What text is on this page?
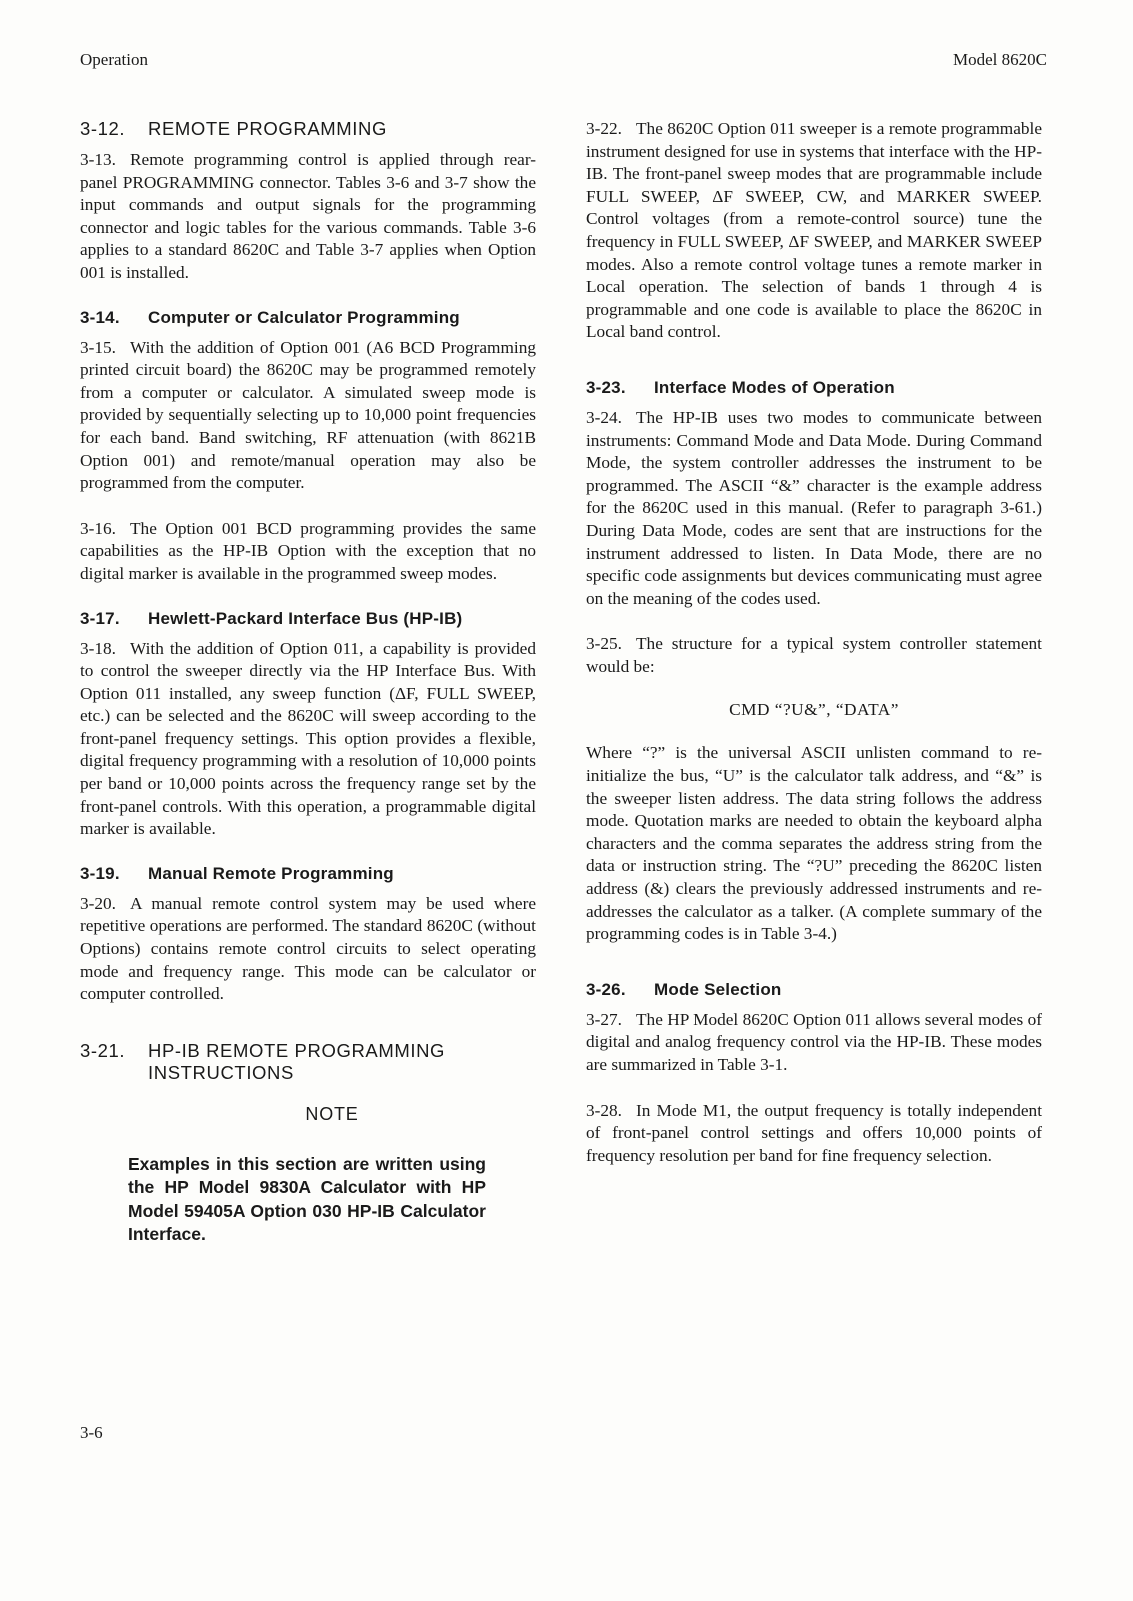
Operation	Model 8620C
3-12. REMOTE PROGRAMMING

3-13. Remote programming control is applied through rear-panel PROGRAMMING connector. Tables 3-6 and 3-7 show the input commands and output signals for the programming connector and logic tables for the various commands. Table 3-6 applies to a standard 8620C and Table 3-7 applies when Option 001 is installed.

3-14. Computer or Calculator Programming

3-15. With the addition of Option 001 (A6 BCD Programming printed circuit board) the 8620C may be programmed remotely from a computer or calculator. A simulated sweep mode is provided by sequentially selecting up to 10,000 point frequencies for each band. Band switching, RF attenuation (with 8621B Option 001) and remote/manual operation may also be programmed from the computer.

3-16. The Option 001 BCD programming provides the same capabilities as the HP-IB Option with the exception that no digital marker is available in the programmed sweep modes.

3-17. Hewlett-Packard Interface Bus (HP-IB)

3-18. With the addition of Option 011, a capability is provided to control the sweeper directly via the HP Interface Bus. With Option 011 installed, any sweep function (ΔF, FULL SWEEP, etc.) can be selected and the 8620C will sweep according to the front-panel frequency settings. This option provides a flexible, digital frequency programming with a resolution of 10,000 points per band or 10,000 points across the frequency range set by the front-panel controls. With this operation, a programmable digital marker is available.

3-19. Manual Remote Programming

3-20. A manual remote control system may be used where repetitive operations are performed. The standard 8620C (without Options) contains remote control circuits to select operating mode and frequency range. This mode can be calculator or computer controlled.

3-21. HP-IB REMOTE PROGRAMMING INSTRUCTIONS
NOTE
Examples in this section are written using the HP Model 9830A Calculator with HP Model 59405A Option 030 HP-IB Calculator Interface.

3-22. The 8620C Option 011 sweeper is a remote programmable instrument designed for use in systems that interface with the HP-IB. The front-panel sweep modes that are programmable include FULL SWEEP, ΔF SWEEP, CW, and MARKER SWEEP. Control voltages (from a remote-control source) tune the frequency in FULL SWEEP, ΔF SWEEP, and MARKER SWEEP modes. Also a remote control voltage tunes a remote marker in Local operation. The selection of bands 1 through 4 is programmable and one code is available to place the 8620C in Local band control.

3-23. Interface Modes of Operation

3-24. The HP-IB uses two modes to communicate between instruments: Command Mode and Data Mode. During Command Mode, the system controller addresses the instrument to be programmed. The ASCII “&” character is the example address for the 8620C used in this manual. (Refer to paragraph 3-61.) During Data Mode, codes are sent that are instructions for the instrument addressed to listen. In Data Mode, there are no specific code assignments but devices communicating must agree on the meaning of the codes used.

3-25. The structure for a typical system controller statement would be:

CMD “?U&”, “DATA”

Where “?” is the universal ASCII unlisten command to re-initialize the bus, “U” is the calculator talk address, and “&” is the sweeper listen address. The data string follows the address mode. Quotation marks are needed to obtain the keyboard alpha characters and the comma separates the address string from the data or instruction string. The “?U” preceding the 8620C listen address (&) clears the previously addressed instruments and re-addresses the calculator as a talker. (A complete summary of the programming codes is in Table 3-4.)

3-26. Mode Selection

3-27. The HP Model 8620C Option 011 allows several modes of digital and analog frequency control via the HP-IB. These modes are summarized in Table 3-1.

3-28. In Mode M1, the output frequency is totally independent of front-panel control settings and offers 10,000 points of frequency resolution per band for fine frequency selection.

3-6
